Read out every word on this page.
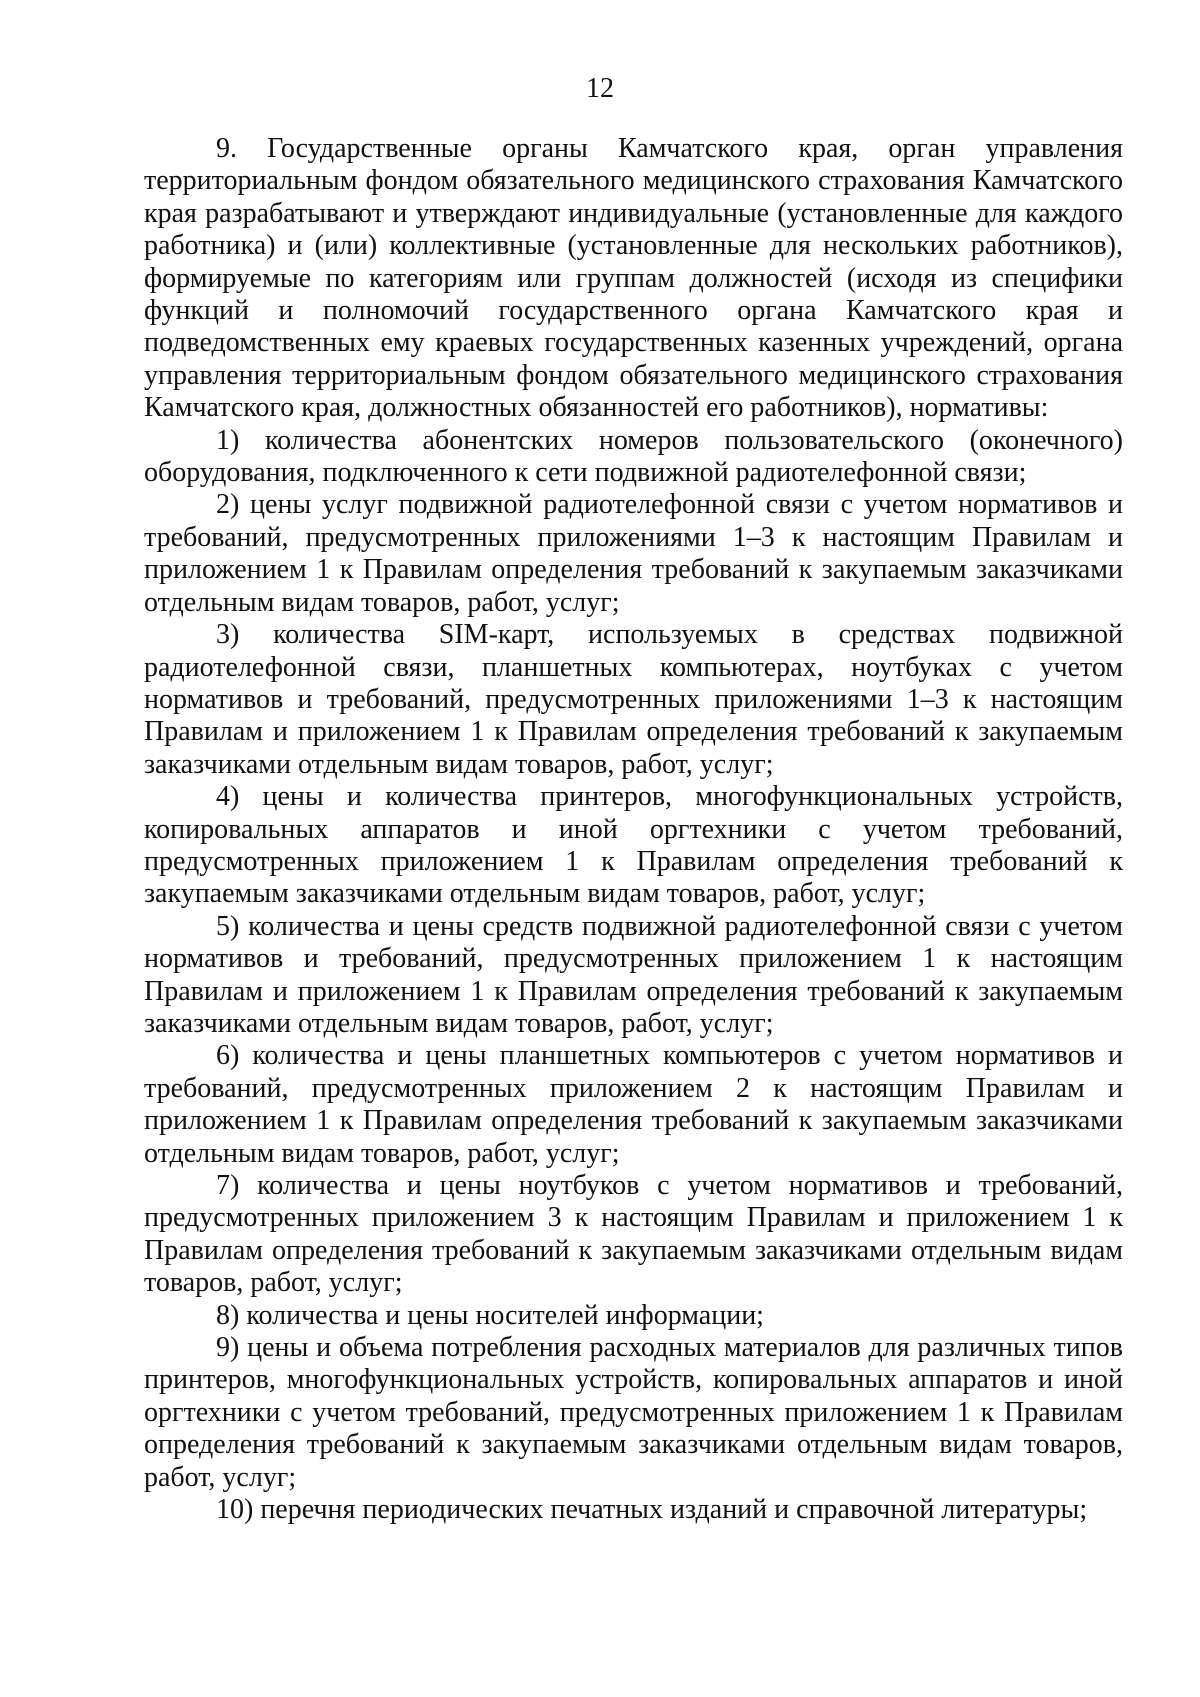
12

9. Государственные органы Камчатского края, орган управления территориальным фондом обязательного медицинского страхования Камчатского края разрабатывают и утверждают индивидуальные (установленные для каждого работника) и (или) коллективные (установленные для нескольких работников), формируемые по категориям или группам должностей (исходя из специфики функций и полномочий государственного органа Камчатского края и подведомственных ему краевых государственных казенных учреждений, органа управления территориальным фондом обязательного медицинского страхования Камчатского края, должностных обязанностей его работников), нормативы:

1) количества абонентских номеров пользовательского (оконечного) оборудования, подключенного к сети подвижной радиотелефонной связи;

2) цены услуг подвижной радиотелефонной связи с учетом нормативов и требований, предусмотренных приложениями 1–3 к настоящим Правилам и приложением 1 к Правилам определения требований к закупаемым заказчиками отдельным видам товаров, работ, услуг;

3) количества SIM-карт, используемых в средствах подвижной радиотелефонной связи, планшетных компьютерах, ноутбуках с учетом нормативов и требований, предусмотренных приложениями 1–3 к настоящим Правилам и приложением 1 к Правилам определения требований к закупаемым заказчиками отдельным видам товаров, работ, услуг;

4) цены и количества принтеров, многофункциональных устройств, копировальных аппаратов и иной оргтехники с учетом требований, предусмотренных приложением 1 к Правилам определения требований к закупаемым заказчиками отдельным видам товаров, работ, услуг;

5) количества и цены средств подвижной радиотелефонной связи с учетом нормативов и требований, предусмотренных приложением 1 к настоящим Правилам и приложением 1 к Правилам определения требований к закупаемым заказчиками отдельным видам товаров, работ, услуг;

6) количества и цены планшетных компьютеров с учетом нормативов и требований, предусмотренных приложением 2 к настоящим Правилам и приложением 1 к Правилам определения требований к закупаемым заказчиками отдельным видам товаров, работ, услуг;

7) количества и цены ноутбуков с учетом нормативов и требований, предусмотренных приложением 3 к настоящим Правилам и приложением 1 к Правилам определения требований к закупаемым заказчиками отдельным видам товаров, работ, услуг;

8) количества и цены носителей информации;

9) цены и объема потребления расходных материалов для различных типов принтеров, многофункциональных устройств, копировальных аппаратов и иной оргтехники с учетом требований, предусмотренных приложением 1 к Правилам определения требований к закупаемым заказчиками отдельным видам товаров, работ, услуг;

10) перечня периодических печатных изданий и справочной литературы;
